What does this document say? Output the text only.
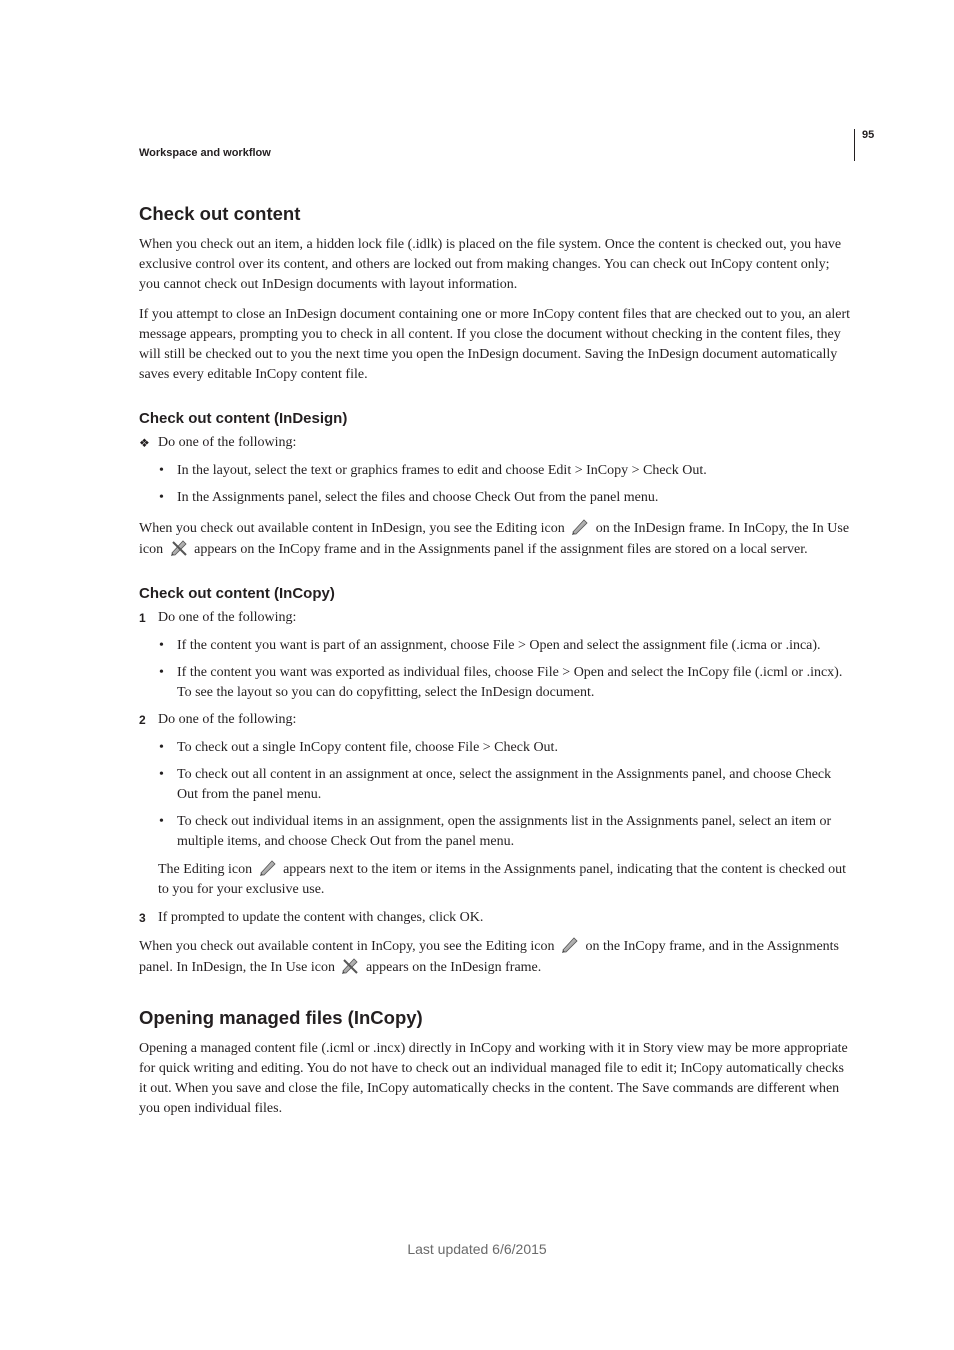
95
Workspace and workflow
Check out content

When you check out an item, a hidden lock file (.idlk) is placed on the file system. Once the content is checked out, you have exclusive control over its content, and others are locked out from making changes. You can check out InCopy content only; you cannot check out InDesign documents with layout information.

If you attempt to close an InDesign document containing one or more InCopy content files that are checked out to you, an alert message appears, prompting you to check in all content. If you close the document without checking in the content files, they will still be checked out to you the next time you open the InDesign document. Saving the InDesign document automatically saves every editable InCopy content file.

Check out content (InDesign)
❖ Do one of the following:
• In the layout, select the text or graphics frames to edit and choose Edit > InCopy > Check Out.
• In the Assignments panel, select the files and choose Check Out from the panel menu.

When you check out available content in InDesign, you see the Editing icon on the InDesign frame. In InCopy, the In Use icon appears on the InCopy frame and in the Assignments panel if the assignment files are stored on a local server.

Check out content (InCopy)
1 Do one of the following:
• If the content you want is part of an assignment, choose File > Open and select the assignment file (.icma or .inca).
• If the content you want was exported as individual files, choose File > Open and select the InCopy file (.icml or .incx). To see the layout so you can do copyfitting, select the InDesign document.
2 Do one of the following:
• To check out a single InCopy content file, choose File > Check Out.
• To check out all content in an assignment at once, select the assignment in the Assignments panel, and choose Check Out from the panel menu.
• To check out individual items in an assignment, open the assignments list in the Assignments panel, select an item or multiple items, and choose Check Out from the panel menu.
The Editing icon appears next to the item or items in the Assignments panel, indicating that the content is checked out to you for your exclusive use.
3 If prompted to update the content with changes, click OK.

When you check out available content in InCopy, you see the Editing icon on the InCopy frame, and in the Assignments panel. In InDesign, the In Use icon appears on the InDesign frame.

Opening managed files (InCopy)

Opening a managed content file (.icml or .incx) directly in InCopy and working with it in Story view may be more appropriate for quick writing and editing. You do not have to check out an individual managed file to edit it; InCopy automatically checks it out. When you save and close the file, InCopy automatically checks in the content. The Save commands are different when you open individual files.

Last updated 6/6/2015
